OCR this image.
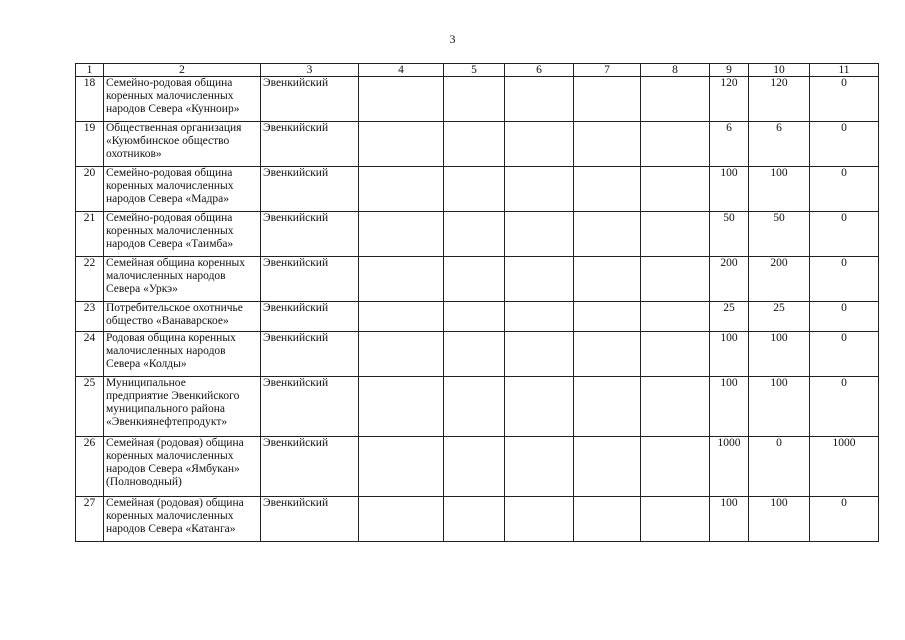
3
1	2	3	4	5	6	7	8	9	10	11
18	Семейно-родовая община
коренных малочисленных
народов Севера «Кунноир»	Эвенкийский						120	120	0
19	Общественная организация
«Куюмбинское общество
охотников»	Эвенкийский						6	6	0
20	Семейно-родовая община
коренных малочисленных
народов Севера «Мадра»	Эвенкийский						100	100	0
21	Семейно-родовая община
коренных малочисленных
народов Севера «Таимба»	Эвенкийский						50	50	0
22	Семейная община коренных
малочисленных народов
Севера «Уркэ»	Эвенкийский						200	200	0
23	Потребительское охотничье
общество «Ванаварское»	Эвенкийский						25	25	0
24	Родовая община коренных
малочисленных народов
Севера «Колды»	Эвенкийский						100	100	0
25	Муниципальное
предприятие Эвенкийского
муниципального района
«Эвенкиянефтепродукт»	Эвенкийский						100	100	0
26	Семейная (родовая) община
коренных малочисленных
народов Севера «Ямбукан»
(Полноводный)	Эвенкийский						1000	0	1000
27	Семейная (родовая) община
коренных малочисленных
народов Севера «Катанга»	Эвенкийский						100	100	0
